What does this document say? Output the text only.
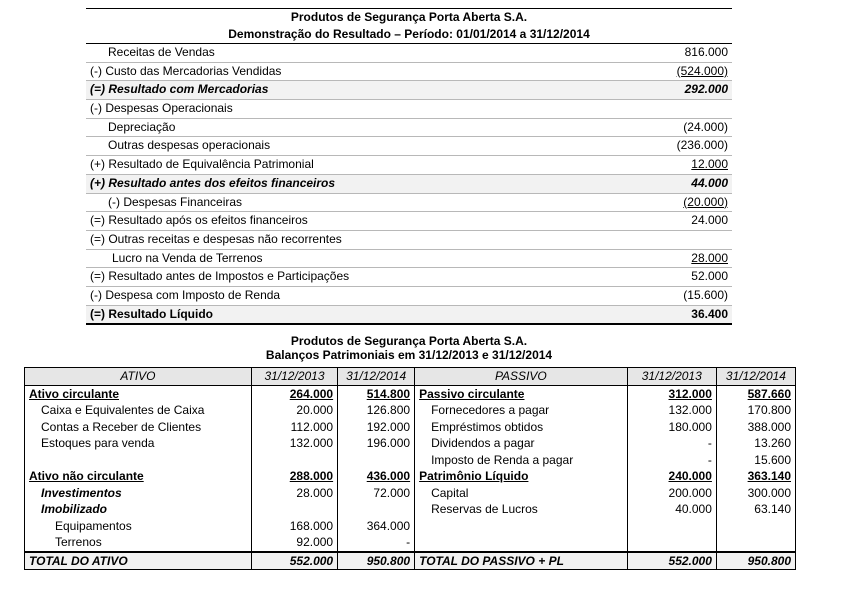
Produtos de Segurança Porta Aberta S.A.
Demonstração do Resultado – Período: 01/01/2014 a 31/12/2014
Receitas de Vendas	816.000
(-) Custo das Mercadorias Vendidas	(524.000)
(=) Resultado com Mercadorias	292.000
(-) Despesas Operacionais
Depreciação	(24.000)
Outras despesas operacionais	(236.000)
(+) Resultado de Equivalência Patrimonial	12.000
(+) Resultado antes dos efeitos financeiros	44.000
(-) Despesas Financeiras	(20.000)
(=) Resultado após os efeitos financeiros	24.000
(=) Outras receitas e despesas não recorrentes
Lucro na Venda de Terrenos	28.000
(=) Resultado antes de Impostos e Participações	52.000
(-) Despesa com Imposto de Renda	(15.600)
(=) Resultado Líquido	36.400
Produtos de Segurança Porta Aberta S.A.
Balanços Patrimoniais em 31/12/2013 e 31/12/2014
ATIVO	31/12/2013	31/12/2014	PASSIVO	31/12/2013	31/12/2014
Ativo circulante	264.000	514.800	Passivo circulante	312.000	587.660
Caixa e Equivalentes de Caixa	20.000	126.800	Fornecedores a pagar	132.000	170.800
Contas a Receber de Clientes	112.000	192.000	Empréstimos obtidos	180.000	388.000
Estoques para venda	132.000	196.000	Dividendos a pagar	-	13.260
			Imposto de Renda a pagar	-	15.600
Ativo não circulante	288.000	436.000	Patrimônio Líquido	240.000	363.140
Investimentos	28.000	72.000	Capital	200.000	300.000
Imobilizado			Reservas de Lucros	40.000	63.140
Equipamentos	168.000	364.000			
Terrenos	92.000	-			
TOTAL DO ATIVO	552.000	950.800	TOTAL DO PASSIVO + PL	552.000	950.800
